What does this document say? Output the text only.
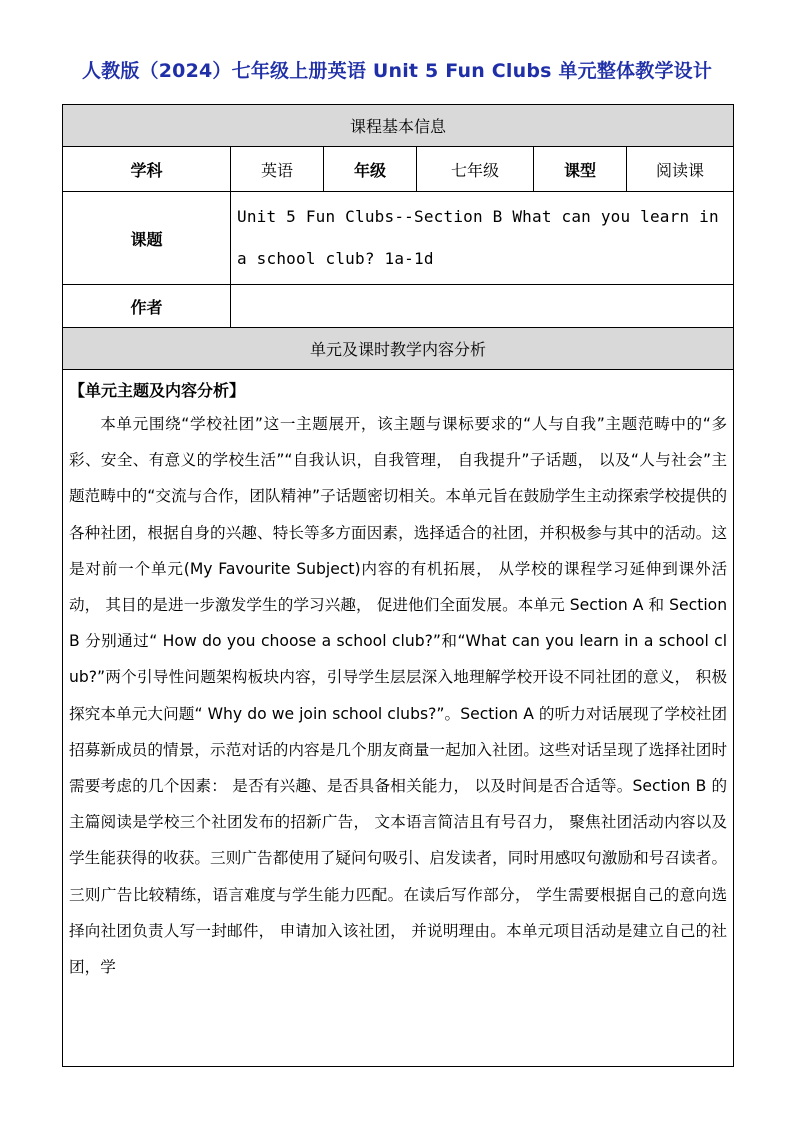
人教版（2024）七年级上册英语 Unit 5 Fun Clubs 单元整体教学设计
课程基本信息					
学科	英语	年级	七年级	课型	阅读课
课题	Unit 5 Fun Clubs--Section B What can you learn in a school club? 1a-1d				
作者					
单元及课时教学内容分析					

【单元主题及内容分析】
本单元围绕“学校社团”这一主题展开，该主题与课标要求的“人与自我”主题范畴中的“多彩、安全、有意义的学校生活”“自我认识，自我管理， 自我提升”子话题， 以及“人与社会”主题范畴中的“交流与合作，团队精神”子话题密切相关。本单元旨在鼓励学生主动探索学校提供的各种社团，根据自身的兴趣、特长等多方面因素，选择适合的社团，并积极参与其中的活动。这是对前一个单元(My Favourite Subject)内容的有机拓展， 从学校的课程学习延伸到课外活动， 其目的是进一步激发学生的学习兴趣， 促进他们全面发展。本单元 Section A 和 Section B 分别通过“ How do you choose a school club?”和“What can you learn in a school club?”两个引导性问题架构板块内容，引导学生层层深入地理解学校开设不同社团的意义， 积极探究本单元大问题“ Why do we join school clubs?”。Section A 的听力对话展现了学校社团招募新成员的情景，示范对话的内容是几个朋友商量一起加入社团。这些对话呈现了选择社团时需要考虑的几个因素： 是否有兴趣、是否具备相关能力， 以及时间是否合适等。Section B 的主篇阅读是学校三个社团发布的招新广告， 文本语言简洁且有号召力， 聚焦社团活动内容以及学生能获得的收获。三则广告都使用了疑问句吸引、启发读者，同时用感叹句激励和号召读者。三则广告比较精练，语言难度与学生能力匹配。在读后写作部分， 学生需要根据自己的意向选择向社团负责人写一封邮件， 申请加入该社团， 并说明理由。本单元项目活动是建立自己的社团，学					
